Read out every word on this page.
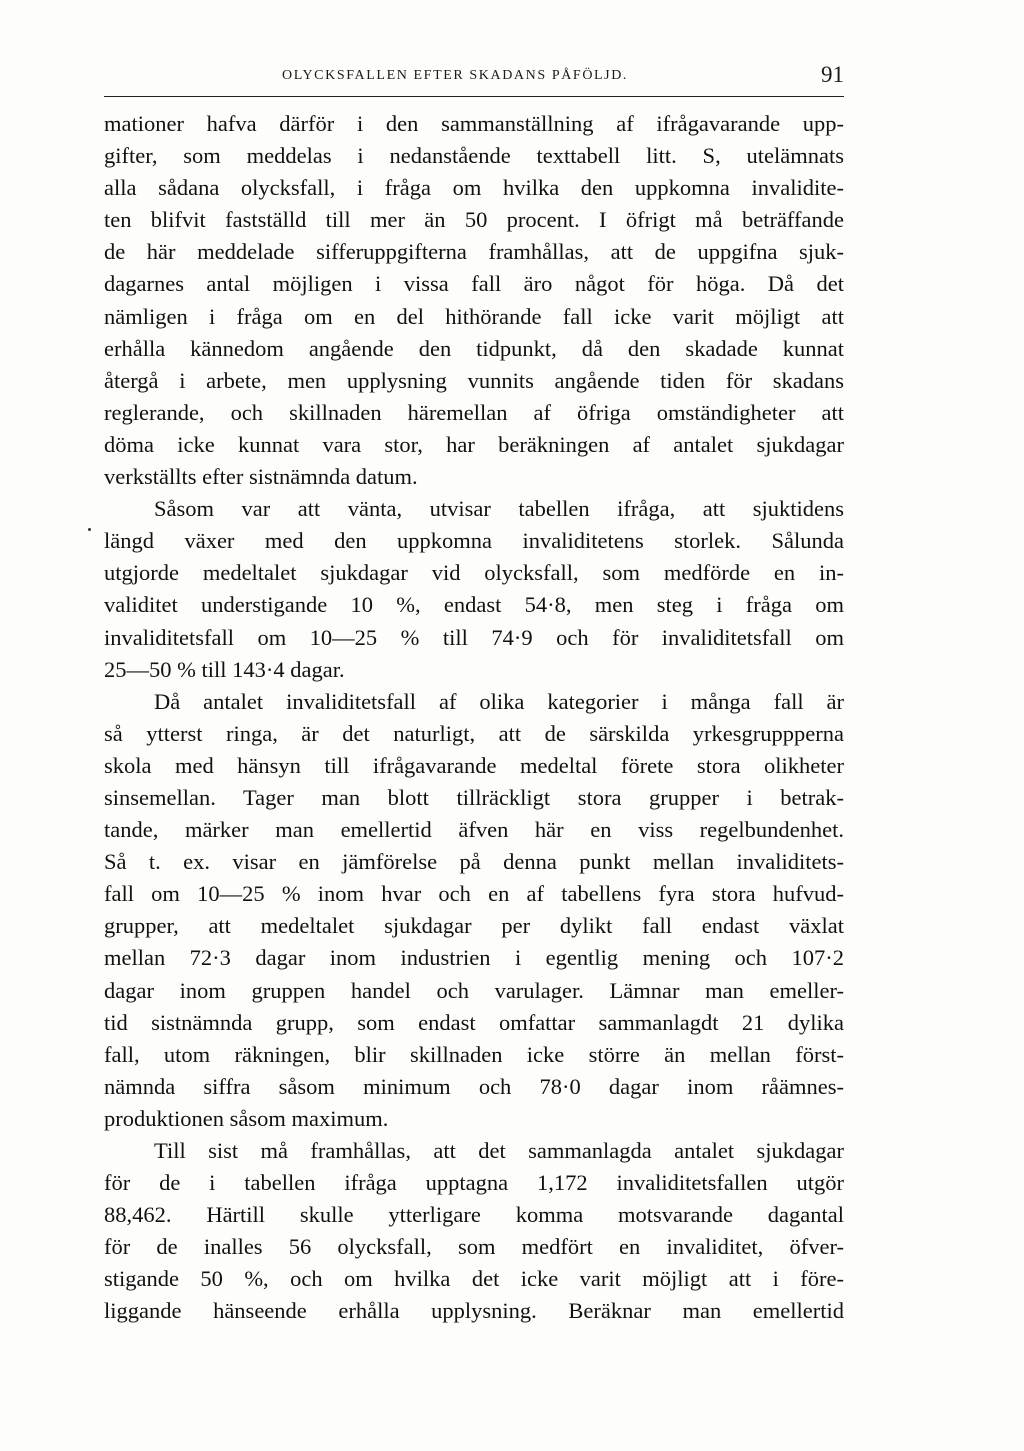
OLYCKSFALLEN EFTER SKADANS PÅFÖLJD.	91
mationer hafva därför i den sammanställning af ifrågavarande upp-
gifter, som meddelas i nedanstående texttabell litt. S, utelämnats
alla sådana olycksfall, i fråga om hvilka den uppkomna invalidite-
ten blifvit fastställd till mer än 50 procent. I öfrigt må beträffande
de här meddelade sifferuppgifterna framhållas, att de uppgifna sjuk-
dagarnes antal möjligen i vissa fall äro något för höga. Då det
nämligen i fråga om en del hithörande fall icke varit möjligt att
erhålla kännedom angående den tidpunkt, då den skadade kunnat
återgå i arbete, men upplysning vunnits angående tiden för skadans
reglerande, och skillnaden häremellan af öfriga omständigheter att
döma icke kunnat vara stor, har beräkningen af antalet sjukdagar
verkställts efter sistnämnda datum.
Såsom var att vänta, utvisar tabellen ifråga, att sjuktidens
längd växer med den uppkomna invaliditetens storlek. Sålunda
utgjorde medeltalet sjukdagar vid olycksfall, som medförde en in-
validitet understigande 10 %, endast 54·8, men steg i fråga om
invaliditetsfall om 10—25 % till 74·9 och för invaliditetsfall om
25—50 % till 143·4 dagar.
Då antalet invaliditetsfall af olika kategorier i många fall är
så ytterst ringa, är det naturligt, att de särskilda yrkesgruppperna
skola med hänsyn till ifrågavarande medeltal förete stora olikheter
sinsemellan. Tager man blott tillräckligt stora grupper i betrak-
tande, märker man emellertid äfven här en viss regelbundenhet.
Så t. ex. visar en jämförelse på denna punkt mellan invaliditets-
fall om 10—25 % inom hvar och en af tabellens fyra stora hufvud-
grupper, att medeltalet sjukdagar per dylikt fall endast växlat
mellan 72·3 dagar inom industrien i egentlig mening och 107·2
dagar inom gruppen handel och varulager. Lämnar man emeller-
tid sistnämnda grupp, som endast omfattar sammanlagdt 21 dylika
fall, utom räkningen, blir skillnaden icke större än mellan först-
nämnda siffra såsom minimum och 78·0 dagar inom råämnes-
produktionen såsom maximum.
Till sist må framhållas, att det sammanlagda antalet sjukdagar
för de i tabellen ifråga upptagna 1,172 invaliditetsfallen utgör
88,462. Härtill skulle ytterligare komma motsvarande dagantal
för de inalles 56 olycksfall, som medfört en invaliditet, öfver-
stigande 50 %, och om hvilka det icke varit möjligt att i före-
liggande hänseende erhålla upplysning. Beräknar man emellertid
